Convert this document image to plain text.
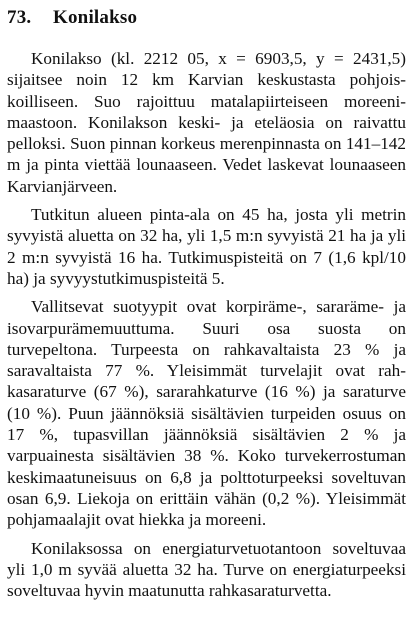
73. Konilakso

Konilakso (kl. 2212 05, x = 6903,5, y = 2431,5) sijaitsee noin 12 km Karvian keskustasta pohjoiskoilliseen. Suo rajoittuu matalapiirteiseen moreenimaastoon. Konilakson keski- ja eteläosia on raivattu pelloksi. Suon pinnan korkeus merenpinnasta on 141–142 m ja pinta viettää lounaaseen. Vedet laskevat lounaaseen Karvianjärveen.

Tutkitun alueen pinta-ala on 45 ha, josta yli metrin syvyistä aluetta on 32 ha, yli 1,5 m:n syvyistä 21 ha ja yli 2 m:n syvyistä 16 ha. Tutkimuspisteitä on 7 (1,6 kpl/10 ha) ja syvyystutkimuspisteitä 5.

Vallitsevat suotyypit ovat korpiräme-, sararäme- ja isovarpurämemuuttuma. Suuri osa suosta on turvepeltona. Turpeesta on rahkavaltaista 23 % ja saravaltaista 77 %. Yleisimmät turvelajit ovat rahkasaraturve (67 %), sararahkaturve (16 %) ja saraturve (10 %). Puun jäännöksiä sisältävien turpeiden osuus on 17 %, tupasvillan jäännöksiä sisältävien 2 % ja varpuainesta sisältävien 38 %. Koko turvekerrostuman keskimaatuneisuus on 6,8 ja polttoturpeeksi soveltuvan osan 6,9. Liekoja on erittäin vähän (0,2 %). Yleisimmät pohjamaalajit ovat hiekka ja moreeni.

Konilaksossa on energiaturvetuotantoon soveltuvaa yli 1,0 m syvää aluetta 32 ha. Turve on energiaturpeeksi soveltuvaa hyvin maatunutta rahkasaraturvetta.
